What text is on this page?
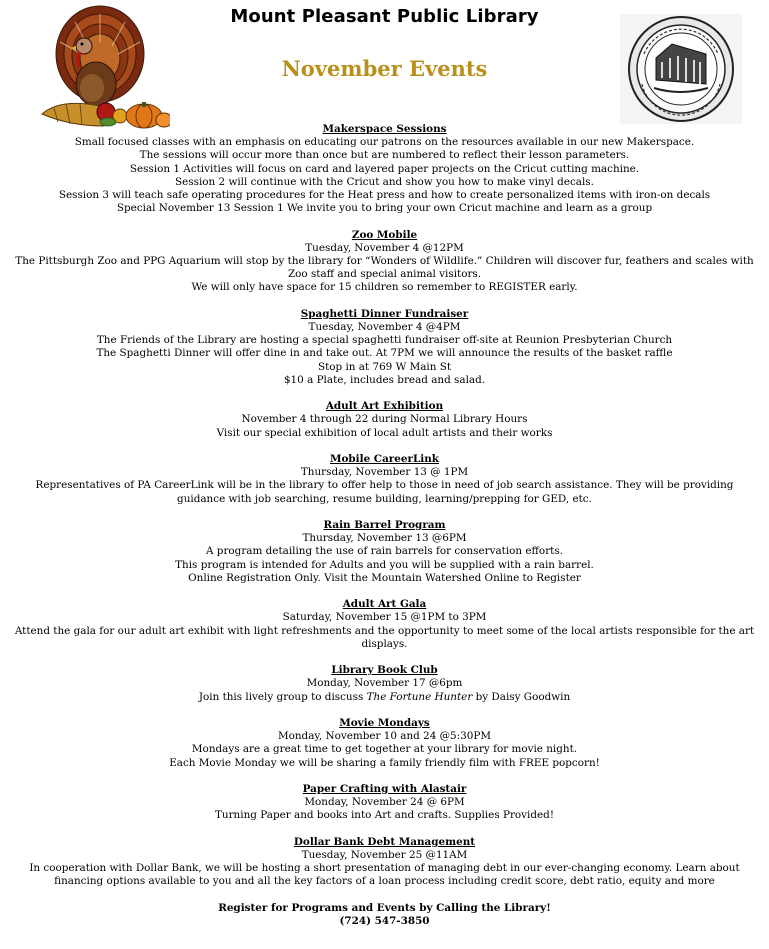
Mount Pleasant Public Library
November Events
Makerspace Sessions
Small focused classes with an emphasis on educating our patrons on the resources available in our new Makerspace.
The sessions will occur more than once but are numbered to reflect their lesson parameters.
Session 1 Activities will focus on card and layered paper projects on the Cricut cutting machine.
Session 2 will continue with the Cricut and show you how to make vinyl decals.
Session 3 will teach safe operating procedures for the Heat press and how to create personalized items with iron-on decals
Special November 13 Session 1 We invite you to bring your own Cricut machine and learn as a group
Zoo Mobile
Tuesday, November 4 @12PM
The Pittsburgh Zoo and PPG Aquarium will stop by the library for “Wonders of Wildlife.” Children will discover fur, feathers and scales with Zoo staff and special animal visitors.
We will only have space for 15 children so remember to REGISTER early.
Spaghetti Dinner Fundraiser
Tuesday, November 4 @4PM
The Friends of the Library are hosting a special spaghetti fundraiser off-site at Reunion Presbyterian Church
The Spaghetti Dinner will offer dine in and take out. At 7PM we will announce the results of the basket raffle
Stop in at 769 W Main St
$10 a Plate, includes bread and salad.
Adult Art Exhibition
November 4 through 22 during Normal Library Hours
Visit our special exhibition of local adult artists and their works
Mobile CareerLink
Thursday, November 13 @ 1PM
Representatives of PA CareerLink will be in the library to offer help to those in need of job search assistance. They will be providing guidance with job searching, resume building, learning/prepping for GED, etc.
Rain Barrel Program
Thursday, November 13 @6PM
A program detailing the use of rain barrels for conservation efforts.
This program is intended for Adults and you will be supplied with a rain barrel.
Online Registration Only. Visit the Mountain Watershed Online to Register
Adult Art Gala
Saturday, November 15 @1PM to 3PM
Attend the gala for our adult art exhibit with light refreshments and the opportunity to meet some of the local artists responsible for the art displays.
Library Book Club
Monday, November 17 @6pm
Join this lively group to discuss The Fortune Hunter by Daisy Goodwin
Movie Mondays
Monday, November 10 and 24 @5:30PM
Mondays are a great time to get together at your library for movie night.
Each Movie Monday we will be sharing a family friendly film with FREE popcorn!
Paper Crafting with Alastair
Monday, November 24 @ 6PM
Turning Paper and books into Art and crafts. Supplies Provided!
Dollar Bank Debt Management
Tuesday, November 25 @11AM
In cooperation with Dollar Bank, we will be hosting a short presentation of managing debt in our ever-changing economy. Learn about financing options available to you and all the key factors of a loan process including credit score, debt ratio, equity and more
Register for Programs and Events by Calling the Library!
(724) 547-3850
